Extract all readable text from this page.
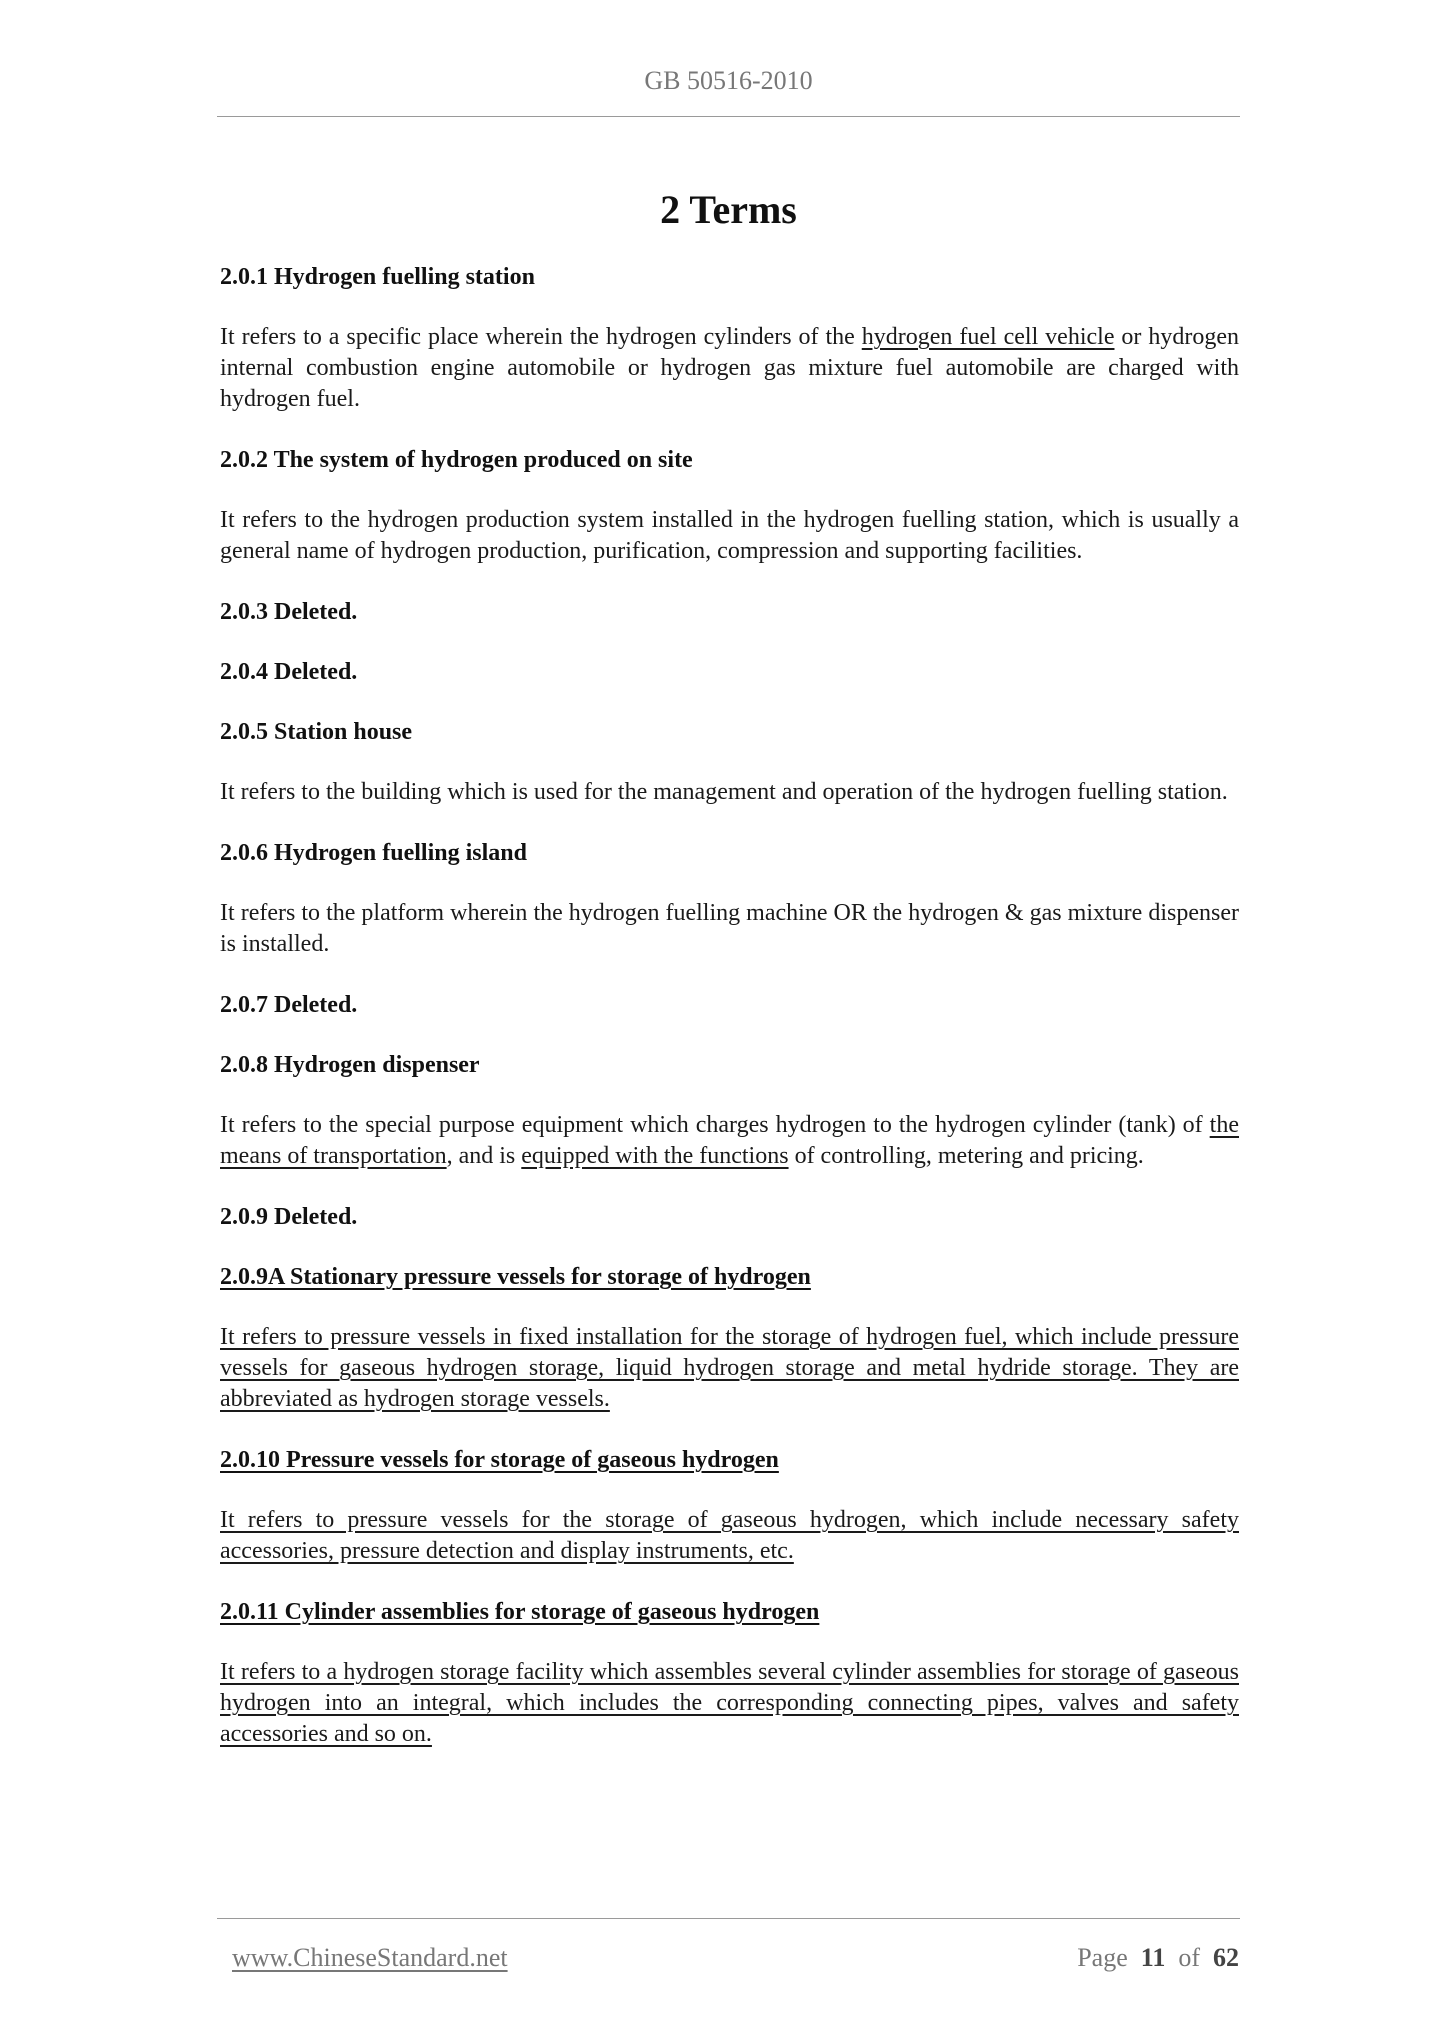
GB 50516-2010
2 Terms
2.0.1 Hydrogen fuelling station

It refers to a specific place wherein the hydrogen cylinders of the hydrogen fuel cell vehicle or hydrogen internal combustion engine automobile or hydrogen gas mixture fuel automobile are charged with hydrogen fuel.

2.0.2 The system of hydrogen produced on site

It refers to the hydrogen production system installed in the hydrogen fuelling station, which is usually a general name of hydrogen production, purification, compression and supporting facilities.

2.0.3 Deleted.
2.0.4 Deleted.
2.0.5 Station house

It refers to the building which is used for the management and operation of the hydrogen fuelling station.

2.0.6 Hydrogen fuelling island

It refers to the platform wherein the hydrogen fuelling machine OR the hydrogen & gas mixture dispenser is installed.

2.0.7 Deleted.
2.0.8 Hydrogen dispenser

It refers to the special purpose equipment which charges hydrogen to the hydrogen cylinder (tank) of the means of transportation, and is equipped with the functions of controlling, metering and pricing.

2.0.9 Deleted.
2.0.9A Stationary pressure vessels for storage of hydrogen

It refers to pressure vessels in fixed installation for the storage of hydrogen fuel, which include pressure vessels for gaseous hydrogen storage, liquid hydrogen storage and metal hydride storage. They are abbreviated as hydrogen storage vessels.

2.0.10 Pressure vessels for storage of gaseous hydrogen

It refers to pressure vessels for the storage of gaseous hydrogen, which include necessary safety accessories, pressure detection and display instruments, etc.

2.0.11 Cylinder assemblies for storage of gaseous hydrogen

It refers to a hydrogen storage facility which assembles several cylinder assemblies for storage of gaseous hydrogen into an integral, which includes the corresponding connecting pipes, valves and safety accessories and so on.

www.ChineseStandard.net	Page 11 of 62
